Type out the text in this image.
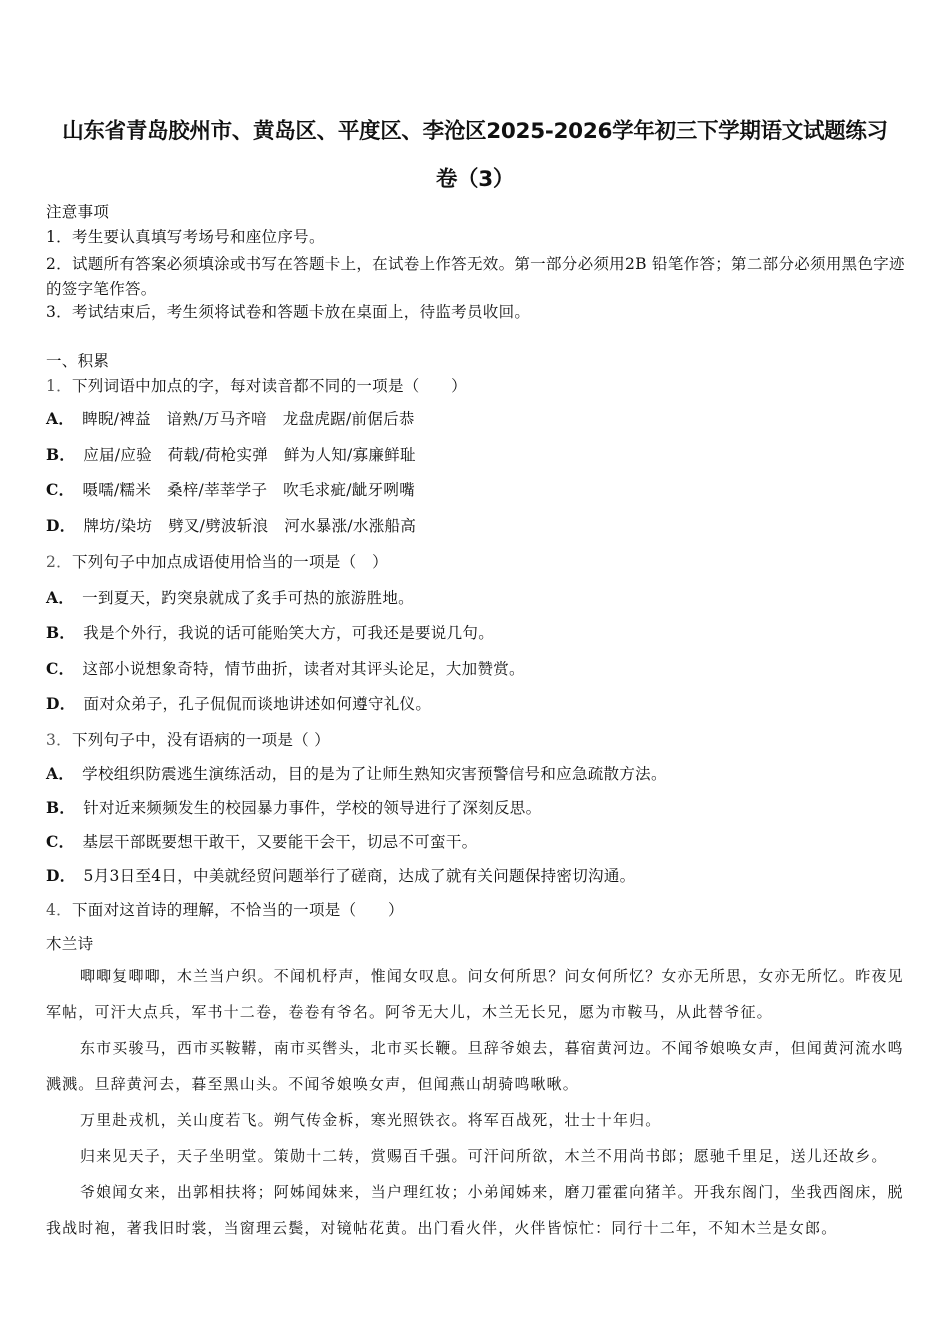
山东省青岛胶州市、黄岛区、平度区、李沧区2025-2026学年初三下学期语文试题练习
卷（3）
注意事项
1．考生要认真填写考场号和座位序号。
2．试题所有答案必须填涂或书写在答题卡上，在试卷上作答无效。第一部分必须用2B 铅笔作答；第二部分必须用黑色字迹的签字笔作答。
3．考试结束后，考生须将试卷和答题卡放在桌面上，待监考员收回。
一、积累
1．下列词语中加点的字，每对读音都不同的一项是（　　）
A． 睥睨/裨益　谙熟/万马齐喑　龙盘虎踞/前倨后恭
B． 应届/应验　荷载/荷枪实弹　鲜为人知/寡廉鲜耻
C． 嗫嚅/糯米　桑梓/莘莘学子　吹毛求疵/龇牙咧嘴
D． 牌坊/染坊　劈叉/劈波斩浪　河水暴涨/水涨船高
2．下列句子中加点成语使用恰当的一项是（　）
A． 一到夏天，趵突泉就成了炙手可热的旅游胜地。
B． 我是个外行，我说的话可能贻笑大方，可我还是要说几句。
C． 这部小说想象奇特，情节曲折，读者对其评头论足，大加赞赏。
D． 面对众弟子，孔子侃侃而谈地讲述如何遵守礼仪。
3．下列句子中，没有语病的一项是（ ）
A． 学校组织防震逃生演练活动，目的是为了让师生熟知灾害预警信号和应急疏散方法。
B． 针对近来频频发生的校园暴力事件，学校的领导进行了深刻反思。
C． 基层干部既要想干敢干，又要能干会干，切忌不可蛮干。
D． 5月3日至4日，中美就经贸问题举行了磋商，达成了就有关问题保持密切沟通。
4．下面对这首诗的理解，不恰当的一项是（　　）
木兰诗

唧唧复唧唧，木兰当户织。不闻机杼声，惟闻女叹息。问女何所思？问女何所忆？女亦无所思，女亦无所忆。昨夜见军帖，可汗大点兵，军书十二卷，卷卷有爷名。阿爷无大儿，木兰无长兄，愿为市鞍马，从此替爷征。

东市买骏马，西市买鞍鞯，南市买辔头，北市买长鞭。旦辞爷娘去，暮宿黄河边。不闻爷娘唤女声，但闻黄河流水鸣溅溅。旦辞黄河去，暮至黑山头。不闻爷娘唤女声，但闻燕山胡骑鸣啾啾。

万里赴戎机，关山度若飞。朔气传金柝，寒光照铁衣。将军百战死，壮士十年归。

归来见天子，天子坐明堂。策勋十二转，赏赐百千强。可汗问所欲，木兰不用尚书郎；愿驰千里足，送儿还故乡。

爷娘闻女来，出郭相扶将；阿姊闻妹来，当户理红妆；小弟闻姊来，磨刀霍霍向猪羊。开我东阁门，坐我西阁床，脱我战时袍，著我旧时裳，当窗理云鬓，对镜帖花黄。出门看火伴，火伴皆惊忙：同行十二年，不知木兰是女郎。
